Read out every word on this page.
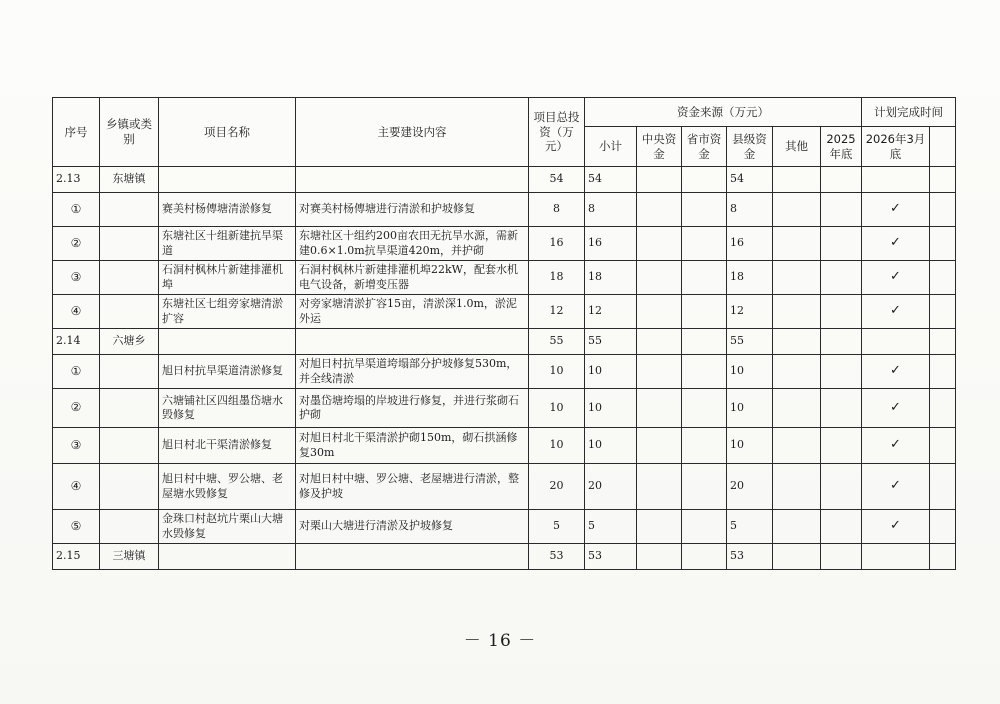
序号	乡镇或类别	项目名称	主要建设内容	项目总投资（万元）	资金来源（万元）						计划完成时间	
					小计	中央资金	省市资金	县级资金	其他	2025年底	2026年3月底		
2.13	东塘镇			54	54			54					
①		赛美村杨傳塘清淤修复	对赛美村杨傳塘进行清淤和护坡修复	8	8			8			✓		
②		东塘社区十组新建抗旱渠道	东塘社区十组约200亩农田无抗旱水源，需新建0.6×1.0m抗旱渠道420m，并护砌	16	16			16			✓		
③		石洞村枫林片新建排灌机埠	石洞村枫林片新建排灌机埠22kW，配套水机电气设备，新增变压器	18	18			18			✓		
④		东塘社区七组旁家塘清淤扩容	对旁家塘清淤扩容15亩，清淤深1.0m，淤泥外运	12	12			12			✓		
2.14	六塘乡			55	55			55					
①		旭日村抗旱渠道清淤修复	对旭日村抗旱渠道垮塌部分护坡修复530m，并全线清淤	10	10			10			✓		
②		六塘铺社区四组墨岱塘水毁修复	对墨岱塘垮塌的岸坡进行修复，并进行浆砌石护砌	10	10			10			✓		
③		旭日村北干渠清淤修复	对旭日村北干渠清淤护砌150m，砌石拱涵修复30m	10	10			10			✓		
④		旭日村中塘、罗公塘、老屋塘水毁修复	对旭日村中塘、罗公塘、老屋塘进行清淤，整修及护坡	20	20			20			✓		
⑤		金珠口村赵坑片栗山大塘水毁修复	对栗山大塘进行清淤及护坡修复	5	5			5			✓		
2.15	三塘镇			53	53			53					
－ 16 －
